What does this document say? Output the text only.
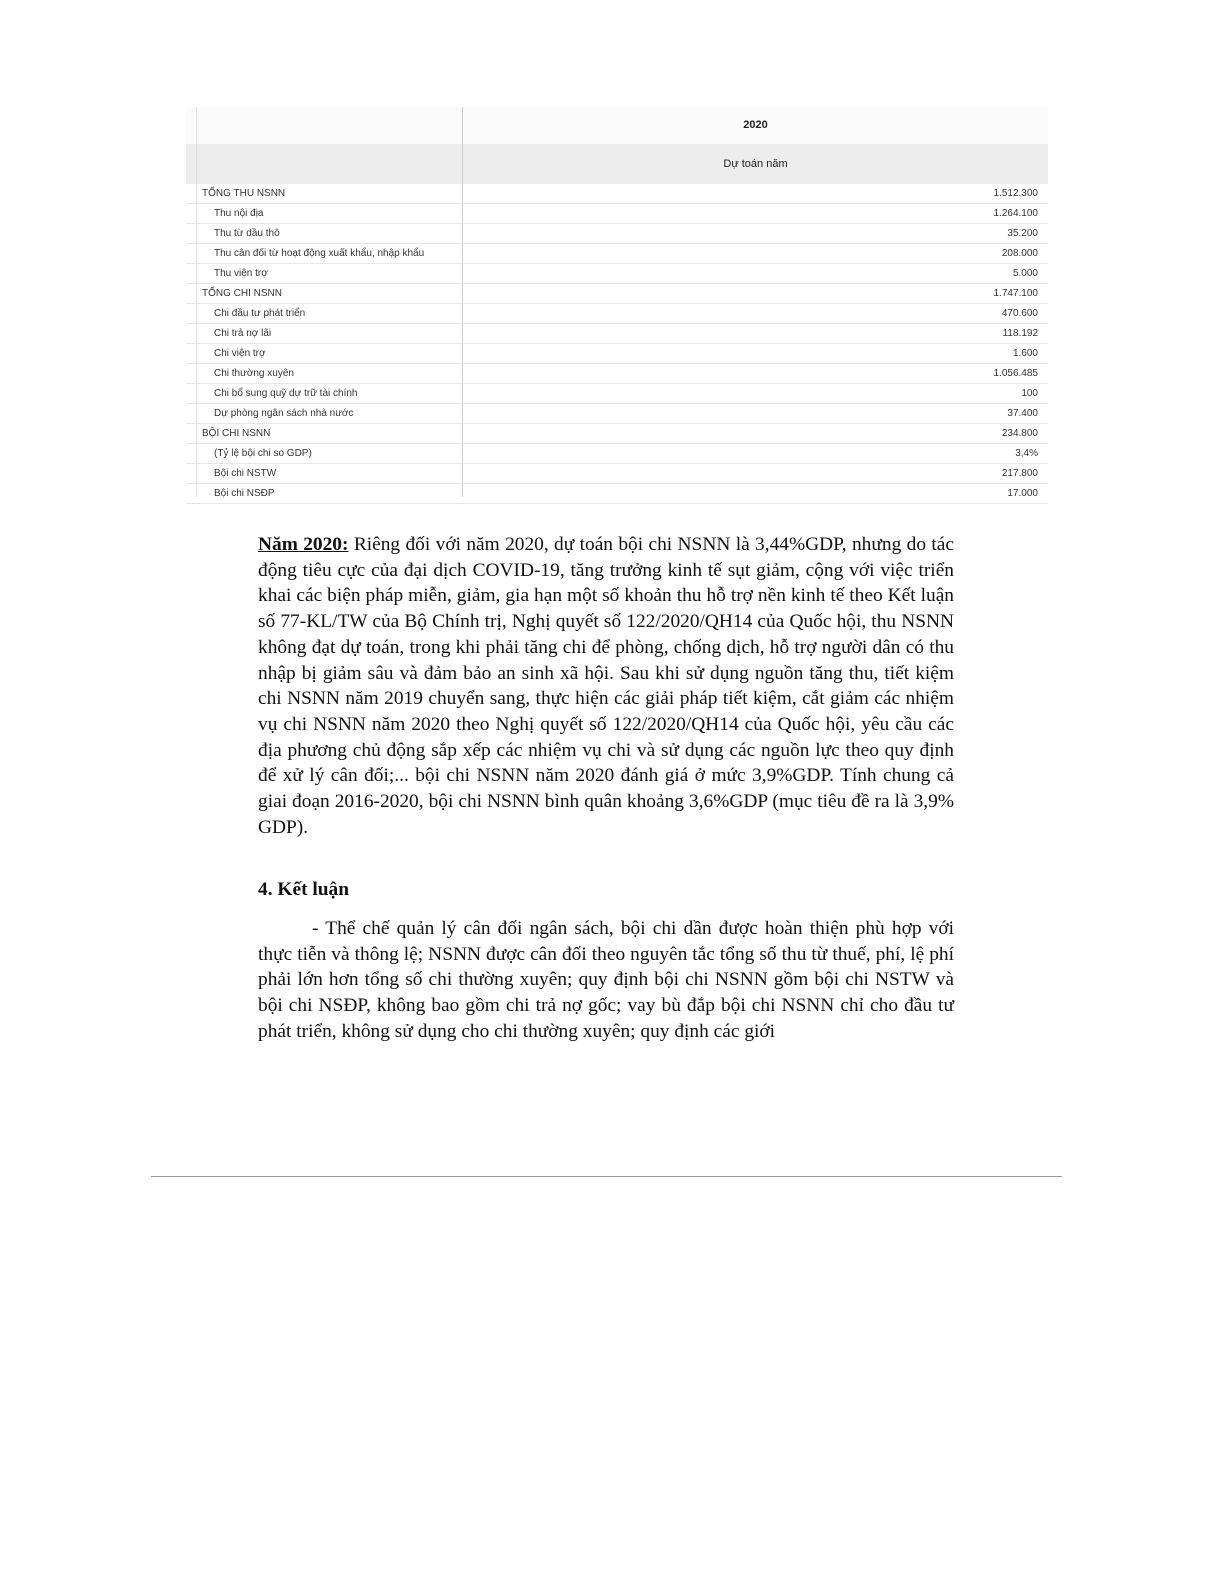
2020
Dự toán năm
TỔNG THU NSNN	1.512.300
Thu nội địa	1.264.100
Thu từ dầu thô	35.200
Thu cân đối từ hoạt động xuất khẩu, nhập khẩu	208.000
Thu viện trợ	5.000
TỔNG CHI NSNN	1.747.100
Chi đầu tư phát triển	470.600
Chi trả nợ lãi	118.192
Chi viện trợ	1.600
Chi thường xuyên	1.056.485
Chi bổ sung quỹ dự trữ tài chính	100
Dự phòng ngân sách nhà nước	37.400
BỘI CHI NSNN	234.800
(Tỷ lệ bội chi so GDP)	3,4%
Bội chi NSTW	217.800
Bội chi NSĐP	17.000
Năm 2020: Riêng đối với năm 2020, dự toán bội chi NSNN là 3,44%GDP, nhưng do tác động tiêu cực của đại dịch COVID-19, tăng trưởng kinh tế sụt giảm, cộng với việc triển khai các biện pháp miễn, giảm, gia hạn một số khoản thu hỗ trợ nền kinh tế theo Kết luận số 77-KL/TW của Bộ Chính trị, Nghị quyết số 122/2020/QH14 của Quốc hội, thu NSNN không đạt dự toán, trong khi phải tăng chi để phòng, chống dịch, hỗ trợ người dân có thu nhập bị giảm sâu và đảm bảo an sinh xã hội. Sau khi sử dụng nguồn tăng thu, tiết kiệm chi NSNN năm 2019 chuyển sang, thực hiện các giải pháp tiết kiệm, cắt giảm các nhiệm vụ chi NSNN năm 2020 theo Nghị quyết số 122/2020/QH14 của Quốc hội, yêu cầu các địa phương chủ động sắp xếp các nhiệm vụ chi và sử dụng các nguồn lực theo quy định để xử lý cân đối;... bội chi NSNN năm 2020 đánh giá ở mức 3,9%GDP. Tính chung cả giai đoạn 2016-2020, bội chi NSNN bình quân khoảng 3,6%GDP (mục tiêu đề ra là 3,9% GDP).
4. Kết luận
- Thể chế quản lý cân đối ngân sách, bội chi dần được hoàn thiện phù hợp với thực tiễn và thông lệ; NSNN được cân đối theo nguyên tắc tổng số thu từ thuế, phí, lệ phí phải lớn hơn tổng số chi thường xuyên; quy định bội chi NSNN gồm bội chi NSTW và bội chi NSĐP, không bao gồm chi trả nợ gốc; vay bù đắp bội chi NSNN chỉ cho đầu tư phát triển, không sử dụng cho chi thường xuyên; quy định các giới
